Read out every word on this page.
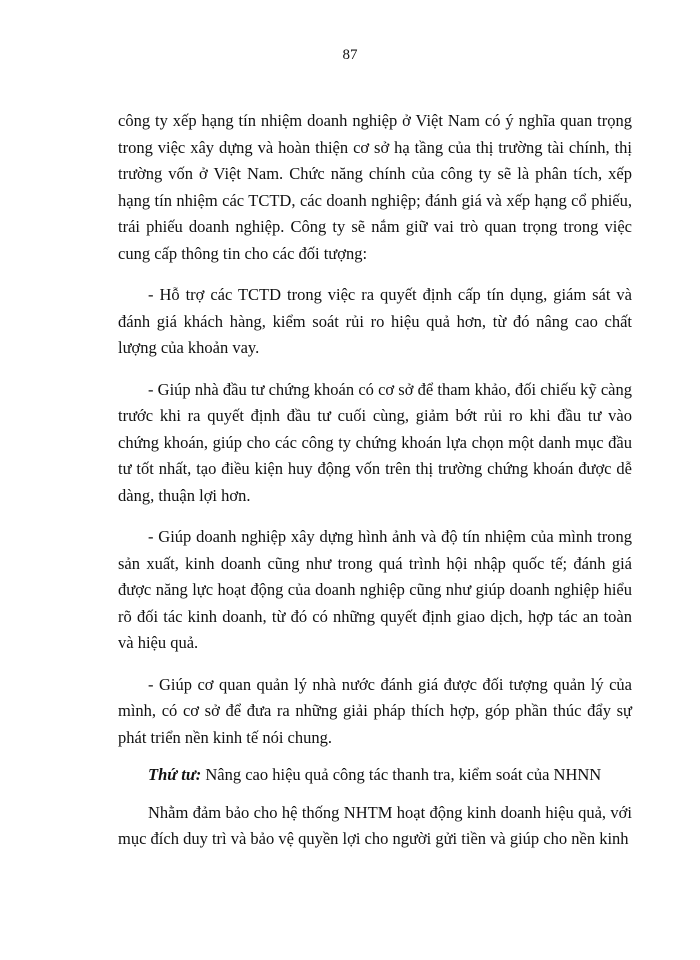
87

công ty xếp hạng tín nhiệm doanh nghiệp ở Việt Nam có ý nghĩa quan trọng trong việc xây dựng và hoàn thiện cơ sở hạ tầng của thị trường tài chính, thị trường vốn ở Việt Nam. Chức năng chính của công ty sẽ là phân tích, xếp hạng tín nhiệm các TCTD, các doanh nghiệp; đánh giá và xếp hạng cổ phiếu, trái phiếu doanh nghiệp. Công ty sẽ nắm giữ vai trò quan trọng trong việc cung cấp thông tin cho các đối tượng:

- Hỗ trợ các TCTD trong việc ra quyết định cấp tín dụng, giám sát và đánh giá khách hàng, kiểm soát rủi ro hiệu quả hơn, từ đó nâng cao chất lượng của khoản vay.

- Giúp nhà đầu tư chứng khoán có cơ sở để tham khảo, đối chiếu kỹ càng trước khi ra quyết định đầu tư cuối cùng, giảm bớt rủi ro khi đầu tư vào chứng khoán, giúp cho các công ty chứng khoán lựa chọn một danh mục đầu tư tốt nhất, tạo điều kiện huy động vốn trên thị trường chứng khoán được dễ dàng, thuận lợi hơn.

- Giúp doanh nghiệp xây dựng hình ảnh và độ tín nhiệm của mình trong sản xuất, kinh doanh cũng như trong quá trình hội nhập quốc tế; đánh giá được năng lực hoạt động của doanh nghiệp cũng như giúp doanh nghiệp hiểu rõ đối tác kinh doanh, từ đó có những quyết định giao dịch, hợp tác an toàn và hiệu quả.

- Giúp cơ quan quản lý nhà nước đánh giá được đối tượng quản lý của mình, có cơ sở để đưa ra những giải pháp thích hợp, góp phần thúc đẩy sự phát triển nền kinh tế nói chung.

Thứ tư: Nâng cao hiệu quả công tác thanh tra, kiểm soát của NHNN

Nhằm đảm bảo cho hệ thống NHTM hoạt động kinh doanh hiệu quả, với mục đích duy trì và bảo vệ quyền lợi cho người gửi tiền và giúp cho nền kinh
